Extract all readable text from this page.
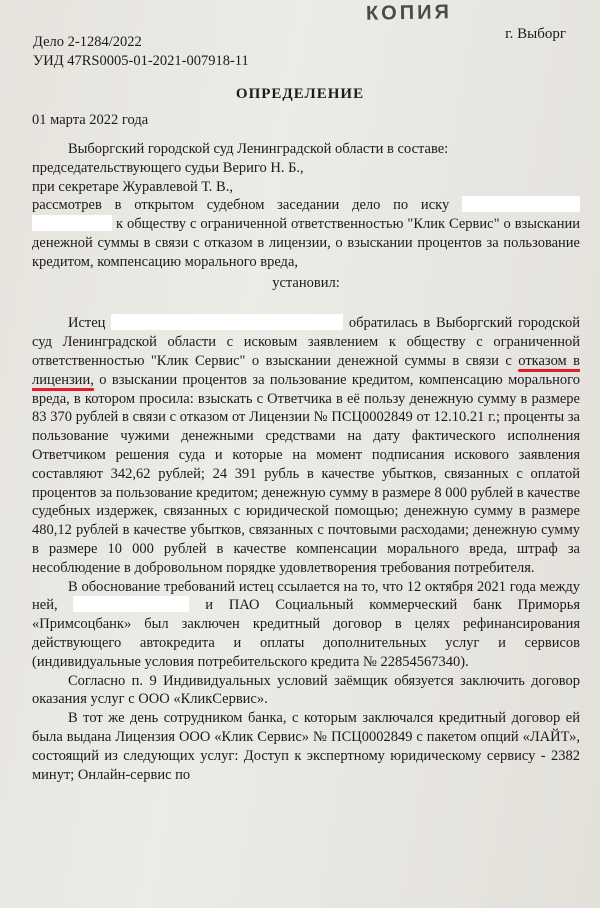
КОПИЯ
Дело 2-1284/2022
УИД 47RS0005-01-2021-007918-11
г. Выборг
ОПРЕДЕЛЕНИЕ
01 марта 2022 года

Выборгский городской суд Ленинградской области в составе:

председательствующего судьи Вериго Н. Б.,

при секретаре Журавлевой Т. В.,

рассмотрев в открытом судебном заседании дело по иску   к обществу с ограниченной ответственностью "Клик Сервис" о взыскании денежной суммы в связи с отказом в лицензии, о взыскании процентов за пользование кредитом, компенсацию морального вреда,

установил:

Истец	обратилась в Выборгский городской суд Ленинградской области с исковым заявлением к обществу с ограниченной ответственностью "Клик Сервис" о взыскании денежной суммы в связи с отказом в лицензии, о взыскании процентов за пользование кредитом, компенсацию морального вреда, в котором просила: взыскать с Ответчика в её пользу денежную сумму в размере 83 370 рублей в связи с отказом от Лицензии № ПСЦ0002849 от 12.10.21 г.; проценты за пользование чужими денежными средствами на дату фактического исполнения Ответчиком решения суда и которые на момент подписания искового заявления составляют 342,62 рублей; 24 391 рубль в качестве убытков, связанных с оплатой процентов за пользование кредитом; денежную сумму в размере 8 000 рублей в качестве судебных издержек, связанных с юридической помощью; денежную сумму в размере 480,12 рублей в качестве убытков, связанных с почтовыми расходами; денежную сумму в размере 10 000 рублей в качестве компенсации морального вреда, штраф за несоблюдение в добровольном порядке удовлетворения требования потребителя.

В обоснование требований истец ссылается на то, что 12 октября 2021 года между ней,	и ПАО Социальный коммерческий банк Приморья «Примсоцбанк» был заключен кредитный договор в целях рефинансирования действующего автокредита и оплаты дополнительных услуг и сервисов (индивидуальные условия потребительского кредита № 22854567340).

Согласно п. 9 Индивидуальных условий заёмщик обязуется заключить договор оказания услуг с ООО «КликСервис».

В тот же день сотрудником банка, с которым заключался кредитный договор ей была выдана Лицензия ООО «Клик Сервис» № ПСЦ0002849 с пакетом опций «ЛАЙТ», состоящий из следующих услуг: Доступ к экспертному юридическому сервису - 2382 минут; Онлайн-сервис по
